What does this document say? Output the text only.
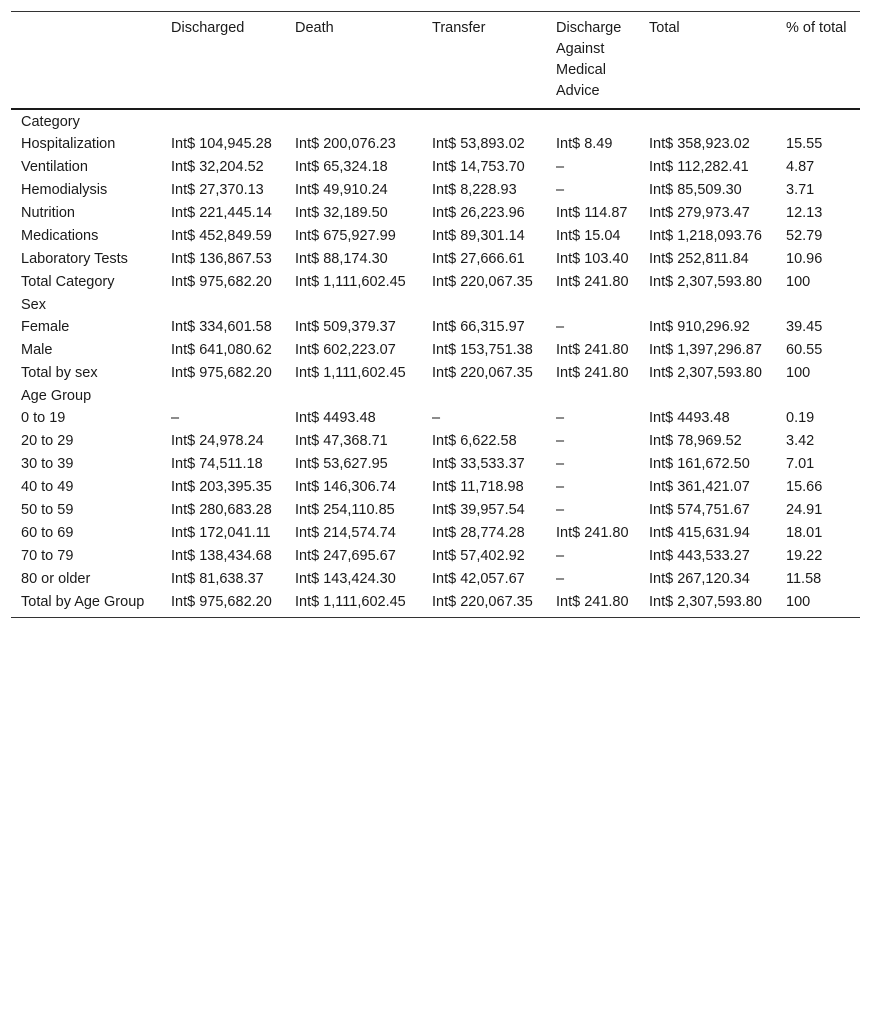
	Discharged	Death	Transfer	Discharge Against Medical Advice	Total	% of total
Category						
Hospitalization	Int$ 104,945.28	Int$ 200,076.23	Int$ 53,893.02	Int$ 8.49	Int$ 358,923.02	15.55
Ventilation	Int$ 32,204.52	Int$ 65,324.18	Int$ 14,753.70	–	Int$ 112,282.41	4.87
Hemodialysis	Int$ 27,370.13	Int$ 49,910.24	Int$ 8,228.93	–	Int$ 85,509.30	3.71
Nutrition	Int$ 221,445.14	Int$ 32,189.50	Int$ 26,223.96	Int$ 114.87	Int$ 279,973.47	12.13
Medications	Int$ 452,849.59	Int$ 675,927.99	Int$ 89,301.14	Int$ 15.04	Int$ 1,218,093.76	52.79
Laboratory Tests	Int$ 136,867.53	Int$ 88,174.30	Int$ 27,666.61	Int$ 103.40	Int$ 252,811.84	10.96
Total Category	Int$ 975,682.20	Int$ 1,111,602.45	Int$ 220,067.35	Int$ 241.80	Int$ 2,307,593.80	100
Sex						
Female	Int$ 334,601.58	Int$ 509,379.37	Int$ 66,315.97	–	Int$ 910,296.92	39.45
Male	Int$ 641,080.62	Int$ 602,223.07	Int$ 153,751.38	Int$ 241.80	Int$ 1,397,296.87	60.55
Total by sex	Int$ 975,682.20	Int$ 1,111,602.45	Int$ 220,067.35	Int$ 241.80	Int$ 2,307,593.80	100
Age Group						
0 to 19	–	Int$ 4493.48	–	–	Int$ 4493.48	0.19
20 to 29	Int$ 24,978.24	Int$ 47,368.71	Int$ 6,622.58	–	Int$ 78,969.52	3.42
30 to 39	Int$ 74,511.18	Int$ 53,627.95	Int$ 33,533.37	–	Int$ 161,672.50	7.01
40 to 49	Int$ 203,395.35	Int$ 146,306.74	Int$ 11,718.98	–	Int$ 361,421.07	15.66
50 to 59	Int$ 280,683.28	Int$ 254,110.85	Int$ 39,957.54	–	Int$ 574,751.67	24.91
60 to 69	Int$ 172,041.11	Int$ 214,574.74	Int$ 28,774.28	Int$ 241.80	Int$ 415,631.94	18.01
70 to 79	Int$ 138,434.68	Int$ 247,695.67	Int$ 57,402.92	–	Int$ 443,533.27	19.22
80 or older	Int$ 81,638.37	Int$ 143,424.30	Int$ 42,057.67	–	Int$ 267,120.34	11.58
Total by Age Group	Int$ 975,682.20	Int$ 1,111,602.45	Int$ 220,067.35	Int$ 241.80	Int$ 2,307,593.80	100
